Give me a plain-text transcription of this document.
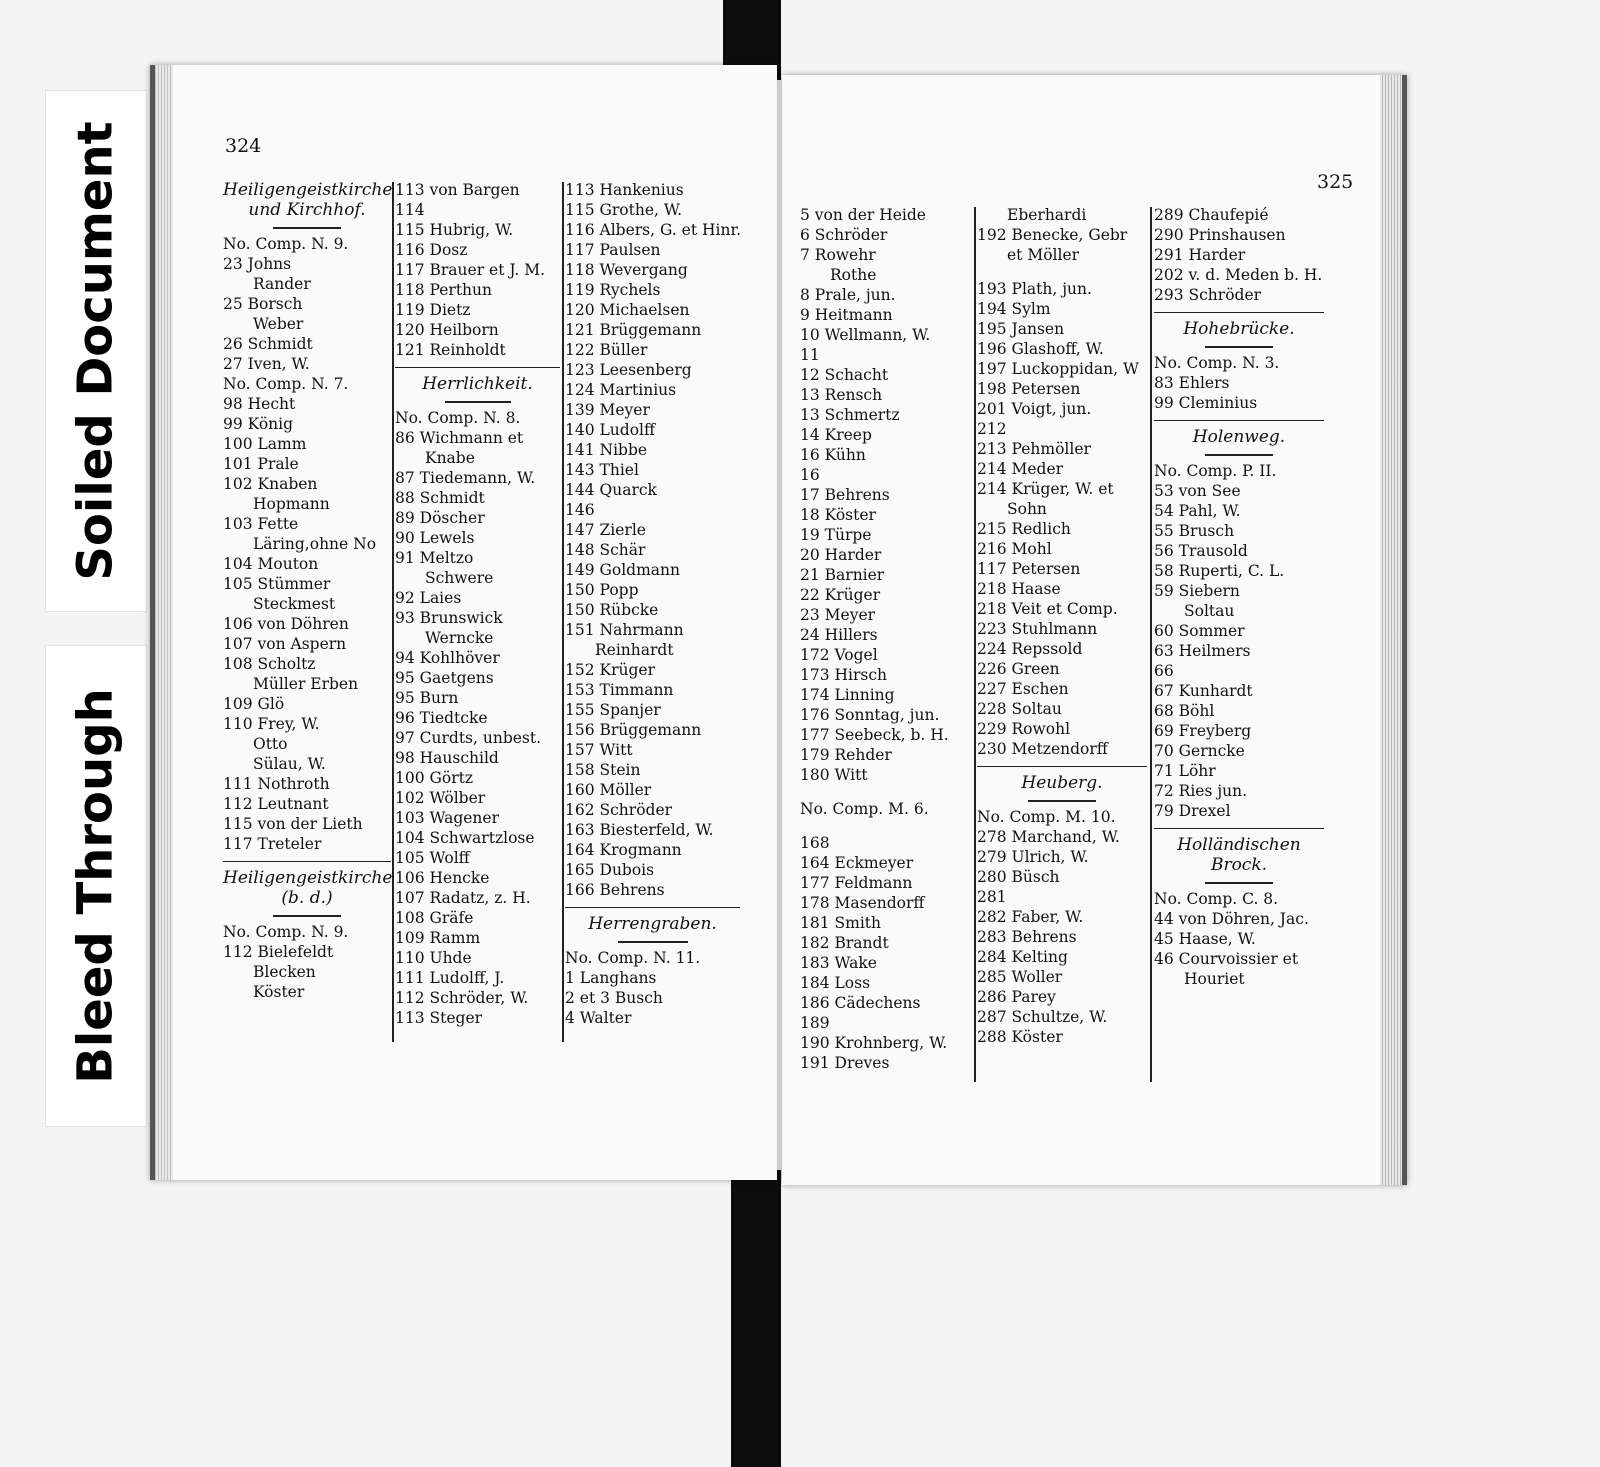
Soiled Document
Bleed Through
324
Heiligengeistkirche
und Kirchhof.
No. Comp. N. 9.
23 Johns
Rander
25 Borsch
Weber
26 Schmidt
27 Iven, W.
No. Comp. N. 7.
98 Hecht
99 König
100 Lamm
101 Prale
102 Knaben
Hopmann
103 Fette
Läring,ohne No
104 Mouton
105 Stümmer
Steckmest
106 von Döhren
107 von Aspern
108 Scholtz
Müller Erben
109 Glö
110 Frey, W.
Otto
Sülau, W.
111 Nothroth
112 Leutnant
115 von der Lieth
117 Treteler
Heiligengeistkirche
(b. d.)
No. Comp. N. 9.
112 Bielefeldt
Blecken
Köster
113 von Bargen
114
115 Hubrig, W.
116 Dosz
117 Brauer et J. M.
118 Perthun
119 Dietz
120 Heilborn
121 Reinholdt
Herrlichkeit.
No. Comp. N. 8.
86 Wichmann et
Knabe
87 Tiedemann, W.
88 Schmidt
89 Döscher
90 Lewels
91 Meltzo
Schwere
92 Laies
93 Brunswick
Werncke
94 Kohlhöver
95 Gaetgens
95 Burn
96 Tiedtcke
97 Curdts, unbest.
98 Hauschild
100 Görtz
102 Wölber
103 Wagener
104 Schwartzlose
105 Wolff
106 Hencke
107 Radatz, z. H.
108 Gräfe
109 Ramm
110 Uhde
111 Ludolff, J.
112 Schröder, W.
113 Steger
113 Hankenius
115 Grothe, W.
116 Albers, G. et Hinr.
117 Paulsen
118 Wevergang
119 Rychels
120 Michaelsen
121 Brüggemann
122 Büller
123 Leesenberg
124 Martinius
139 Meyer
140 Ludolff
141 Nibbe
143 Thiel
144 Quarck
146
147 Zierle
148 Schär
149 Goldmann
150 Popp
150 Rübcke
151 Nahrmann
Reinhardt
152 Krüger
153 Timmann
155 Spanjer
156 Brüggemann
157 Witt
158 Stein
160 Möller
162 Schröder
163 Biesterfeld, W.
164 Krogmann
165 Dubois
166 Behrens
Herrengraben.
No. Comp. N. 11.
1 Langhans
2 et 3 Busch
4 Walter
325
5 von der Heide
6 Schröder
7 Rowehr
Rothe
8 Prale, jun.
9 Heitmann
10 Wellmann, W.
11
12 Schacht
13 Rensch
13 Schmertz
14 Kreep
16 Kühn
16
17 Behrens
18 Köster
19 Türpe
20 Harder
21 Barnier
22 Krüger
23 Meyer
24 Hillers
172 Vogel
173 Hirsch
174 Linning
176 Sonntag, jun.
177 Seebeck, b. H.
179 Rehder
180 Witt
No. Comp. M. 6.
168
164 Eckmeyer
177 Feldmann
178 Masendorff
181 Smith
182 Brandt
183 Wake
184 Loss
186 Cädechens
189
190 Krohnberg, W.
191 Dreves
Eberhardi
192 Benecke, Gebr
et Möller
193 Plath, jun.
194 Sylm
195 Jansen
196 Glashoff, W.
197 Luckoppidan, W
198 Petersen
201 Voigt, jun.
212
213 Pehmöller
214 Meder
214 Krüger, W. et
Sohn
215 Redlich
216 Mohl
117 Petersen
218 Haase
218 Veit et Comp.
223 Stuhlmann
224 Repssold
226 Green
227 Eschen
228 Soltau
229 Rowohl
230 Metzendorff
Heuberg.
No. Comp. M. 10.
278 Marchand, W.
279 Ulrich, W.
280 Büsch
281
282 Faber, W.
283 Behrens
284 Kelting
285 Woller
286 Parey
287 Schultze, W.
288 Köster
289 Chaufepié
290 Prinshausen
291 Harder
202 v. d. Meden b. H.
293 Schröder
Hohebrücke.
No. Comp. N. 3.
83 Ehlers
99 Cleminius
Holenweg.
No. Comp. P. II.
53 von See
54 Pahl, W.
55 Brusch
56 Trausold
58 Ruperti, C. L.
59 Siebern
Soltau
60 Sommer
63 Heilmers
66
67 Kunhardt
68 Böhl
69 Freyberg
70 Gerncke
71 Löhr
72 Ries jun.
79 Drexel
Holländischen
Brock.
No. Comp. C. 8.
44 von Döhren, Jac.
45 Haase, W.
46 Courvoissier et
Houriet
